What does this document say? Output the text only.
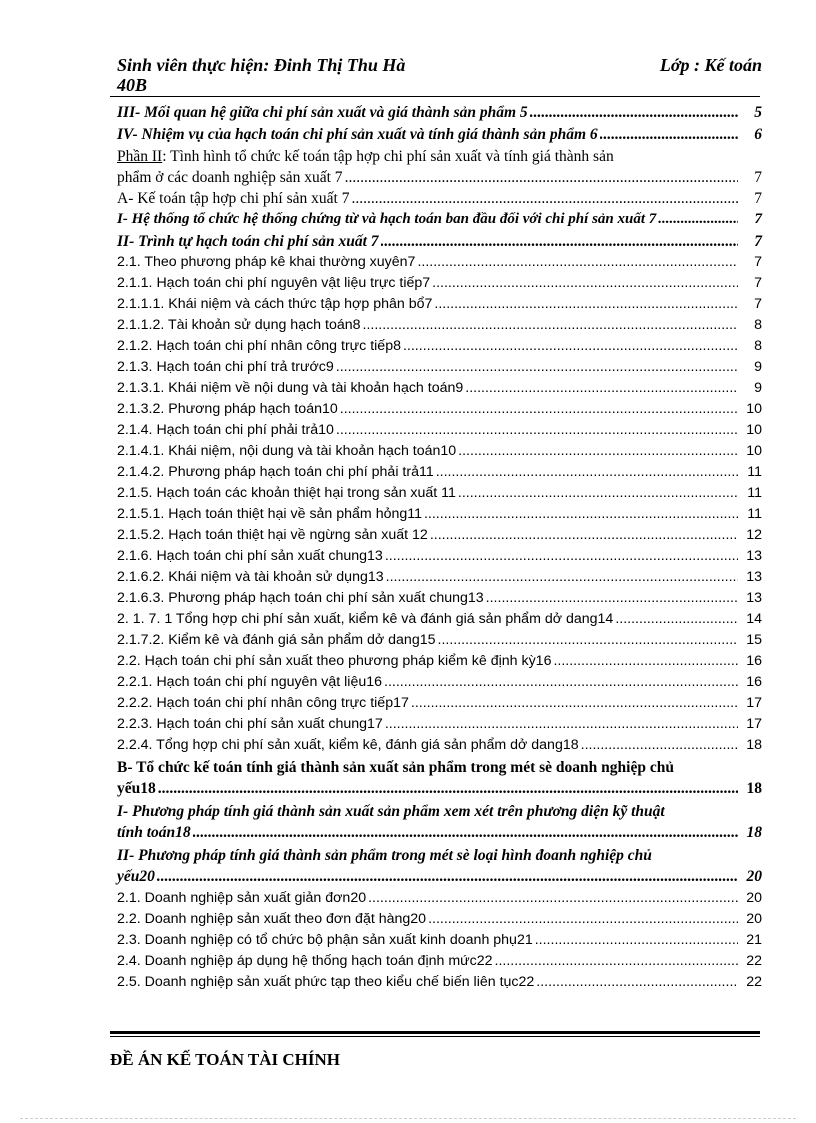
Sinh viên thực hiện: Đinh Thị Thu Hà	Lớp : Kế toán
40B
III- Mối quan hệ giữa chi phí sản xuất và giá thành sản phẩm 5 .....	5
IV- Nhiệm vụ của hạch toán chi phí sản xuất và tính giá thành sản phẩm 6 .....	6
Phần II: Tình hình tổ chức kế toán tập hợp chi phí sản xuất và tính giá thành sản
phẩm ở các doanh nghiệp sản xuất 7 .....	7
A- Kế toán tập hợp chi phí sản xuất 7 .....	7
I- Hệ thống tổ chức hệ thống chứng từ và hạch toán ban đầu đối với chi phí sản xuất 7 .....	7
II- Trình tự hạch toán chi phí sản xuất 7 .....	7
2.1. Theo phương pháp kê khai thường xuyên7 .....	7
2.1.1. Hạch toán chi phí nguyên vật liệu trực tiếp7 .....	7
2.1.1.1. Khái niệm và cách thức tập hợp phân bổ7 .....	7
2.1.1.2. Tài khoản sử dụng hạch toán8 .....	8
2.1.2. Hạch toán chi phí nhân công trực tiếp8 .....	8
2.1.3. Hạch toán chi phí trả trước9 .....	9
2.1.3.1. Khái niệm về nội dung và tài khoản hạch toán9 .....	9
2.1.3.2. Phương pháp hạch toán10 .....	10
2.1.4. Hạch toán chi phí phải trả10 .....	10
2.1.4.1. Khái niệm, nội dung và tài khoản hạch toán10 .....	10
2.1.4.2. Phương pháp hạch toán chi phí phải trả11 .....	11
2.1.5. Hạch toán các khoản thiệt hại trong sản xuất 11 .....	11
2.1.5.1. Hạch toán thiệt hại về sản phẩm hỏng11 .....	11
2.1.5.2. Hạch toán thiệt hại về ngừng sản xuất 12 .....	12
2.1.6. Hạch toán chi phí sản xuất chung13 .....	13
2.1.6.2. Khái niệm và tài khoản sử dụng13 .....	13
2.1.6.3. Phương pháp hạch toán chi phí sản xuất chung13 .....	13
2. 1. 7. 1 Tổng hợp chi phí sản xuất, kiểm kê và đánh giá sản phẩm dở dang14 .....	14
2.1.7.2. Kiểm kê và đánh giá sản phẩm dở dang15 .....	15
2.2. Hạch toán chi phí sản xuất theo phương pháp kiểm kê định kỳ16 .....	16
2.2.1. Hạch toán chi phí nguyên vật liệu16 .....	16
2.2.2. Hạch toán chi phí nhân công trực tiếp17 .....	17
2.2.3. Hạch toán chi phí sản xuất chung17 .....	17
2.2.4. Tổng hợp chi phí sản xuất, kiểm kê, đánh giá sản phẩm dở dang18 .....	18
B- Tổ chức kế toán tính giá thành sản xuất sản phẩm trong mét sè doanh nghiệp chủ
yếu18 .....	18
I- Phương pháp tính giá thành sản xuất sản phẩm xem xét trên phương diện kỹ thuật
tính toán18 .....	18
II- Phương pháp tính giá thành sản phẩm trong mét sè loại hình đoanh nghiệp chủ
yếu20 .....	20
2.1. Doanh nghiệp sản xuất giản đơn20 .....	20
2.2. Doanh nghiệp sản xuất theo đơn đặt hàng20 .....	20
2.3. Doanh nghiệp có tổ chức bộ phận sản xuất kinh doanh phụ21 .....	21
2.4. Doanh nghiệp áp dụng hệ thống hạch toán định mức22 .....	22
2.5. Doanh nghiệp sản xuất phức tạp theo kiểu chế biến liên tục22 .....	22
ĐỀ ÁN KẾ TOÁN TÀI CHÍNH
